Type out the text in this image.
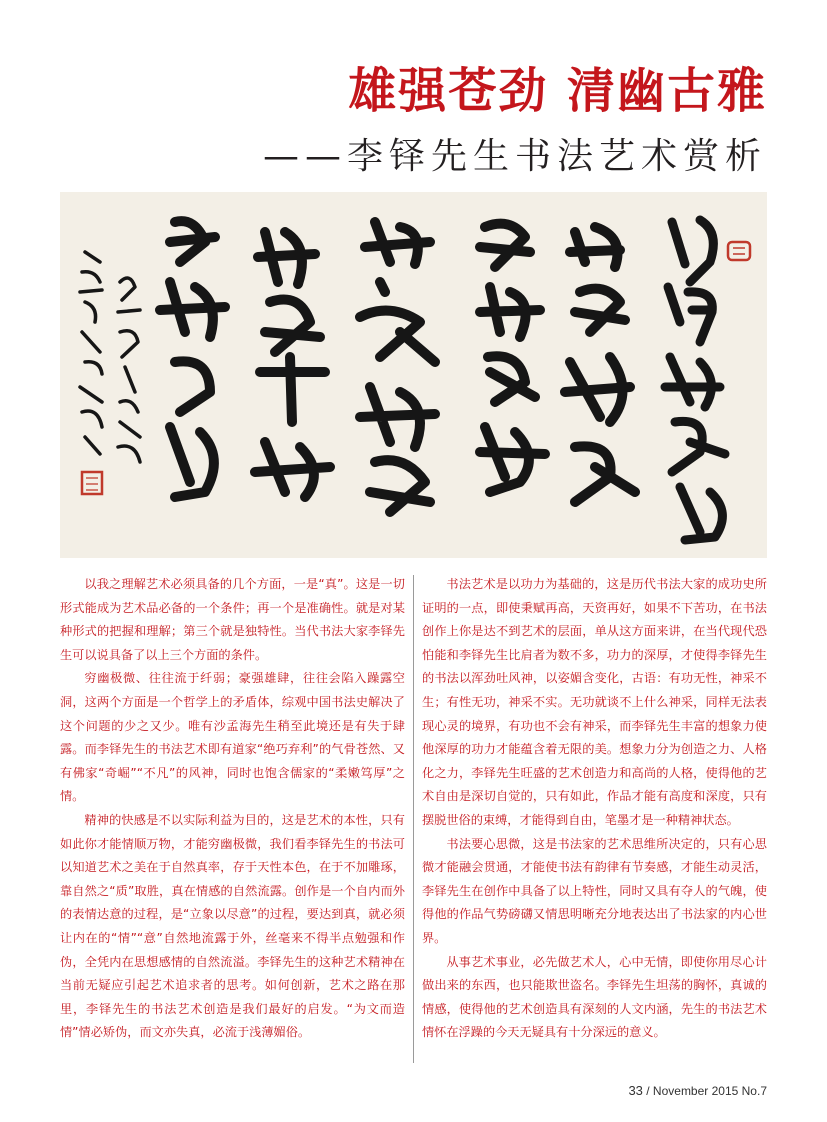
雄强苍劲 清幽古雅
——李铎先生书法艺术赏析

以我之理解艺术必须具备的几个方面，一是“真”。这是一切形式能成为艺术品必备的一个条件；再一个是准确性。就是对某种形式的把握和理解；第三个就是独特性。当代书法大家李铎先生可以说具备了以上三个方面的条件。

穷幽极微、往往流于纤弱；豪强雄肆，往往会陷入躁露空洞，这两个方面是一个哲学上的矛盾体，综观中国书法史解决了这个问题的少之又少。唯有沙孟海先生稍至此境还是有失于肆露。而李铎先生的书法艺术即有道家“绝巧弃利”的气骨苍然、又有佛家“奇崛”“不凡”的风神，同时也饱含儒家的“柔嫩笃厚”之情。

精神的快感是不以实际利益为目的，这是艺术的本性，只有如此你才能情顺万物，才能穷幽极微，我们看李铎先生的书法可以知道艺术之美在于自然真率，存于天性本色，在于不加雕琢，靠自然之“质”取胜，真在情感的自然流露。创作是一个自内而外的表情达意的过程，是“立象以尽意”的过程，要达到真，就必须让内在的“情”“意”自然地流露于外，丝毫来不得半点勉强和作伪，全凭内在思想感情的自然流溢。李铎先生的这种艺术精神在当前无疑应引起艺术追求者的思考。如何创新，艺术之路在那里，李铎先生的书法艺术创造是我们最好的启发。“为文而造情”情必矫伪，而文亦失真，必流于浅薄媚俗。

书法艺术是以功力为基础的，这是历代书法大家的成功史所证明的一点，即使秉赋再高，天资再好，如果不下苦功，在书法创作上你是达不到艺术的层面，单从这方面来讲，在当代现代恐怕能和李铎先生比肩者为数不多，功力的深厚，才使得李铎先生的书法以浑劲吐风神，以姿媚含变化，古语：有功无性，神采不生；有性无功，神采不实。无功就谈不上什么神采，同样无法表现心灵的境界，有功也不会有神采，而李铎先生丰富的想象力使他深厚的功力才能蕴含着无限的美。想象力分为创造之力、人格化之力，李铎先生旺盛的艺术创造力和高尚的人格，使得他的艺术自由是深切自觉的，只有如此，作品才能有高度和深度，只有摆脱世俗的束缚，才能得到自由，笔墨才是一种精神状态。

书法要心思微，这是书法家的艺术思维所决定的，只有心思微才能融会贯通，才能使书法有韵律有节奏感，才能生动灵活，李铎先生在创作中具备了以上特性，同时又具有夺人的气魄，使得他的作品气势磅礴又情思明晰充分地表达出了书法家的内心世界。

从事艺术事业，必先做艺术人，心中无情，即使你用尽心计做出来的东西，也只能欺世盗名。李铎先生坦荡的胸怀，真诚的情感，使得他的艺术创造具有深刻的人文内涵，先生的书法艺术情怀在浮躁的今天无疑具有十分深远的意义。

33 / November 2015 No.7
